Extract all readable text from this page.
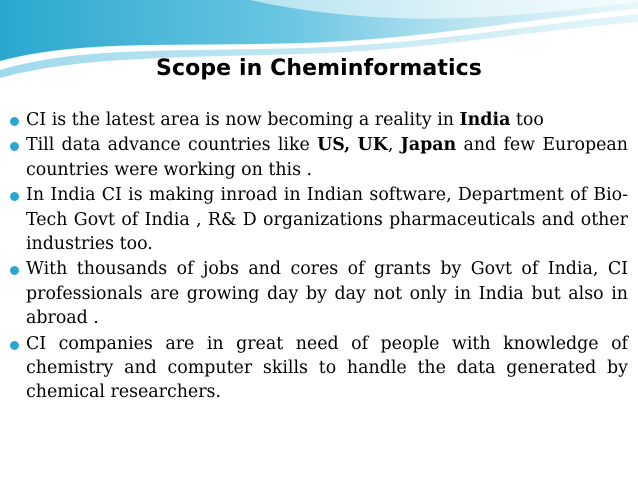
Scope in Cheminformatics
CI is the latest area is now becoming a reality in India too
Till data advance countries like US, UK, Japan and few European countries were working on this .
In India CI is making inroad in Indian software, Department of Bio-Tech Govt of India , R& D organizations pharmaceuticals and other industries too.
With thousands of jobs and cores of grants by Govt of India, CI professionals are growing day by day not only in India but also in abroad .
CI companies are in great need of people with knowledge of chemistry and computer skills to handle the data generated by chemical researchers.
